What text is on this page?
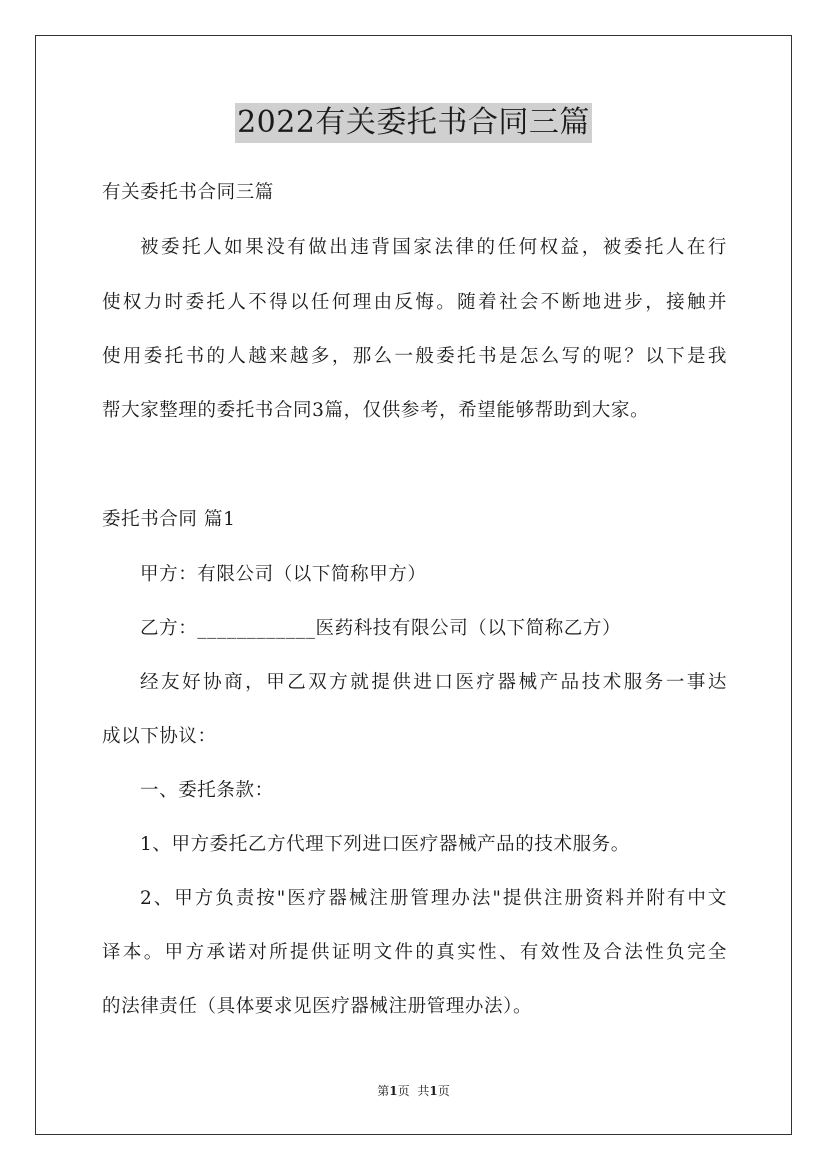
2022有关委托书合同三篇
有关委托书合同三篇
被委托人如果没有做出违背国家法律的任何权益，被委托人在行
使权力时委托人不得以任何理由反悔。随着社会不断地进步，接触并
使用委托书的人越来越多，那么一般委托书是怎么写的呢？以下是我
帮大家整理的委托书合同3篇，仅供参考，希望能够帮助到大家。
委托书合同 篇1
甲方：有限公司（以下简称甲方）
乙方：____________医药科技有限公司（以下简称乙方）
经友好协商，甲乙双方就提供进口医疗器械产品技术服务一事达
成以下协议：
一、委托条款：
1、甲方委托乙方代理下列进口医疗器械产品的技术服务。
2、甲方负责按"医疗器械注册管理办法"提供注册资料并附有中文
译本。甲方承诺对所提供证明文件的真实性、有效性及合法性负完全
的法律责任（具体要求见医疗器械注册管理办法）。
第1页 共1页
